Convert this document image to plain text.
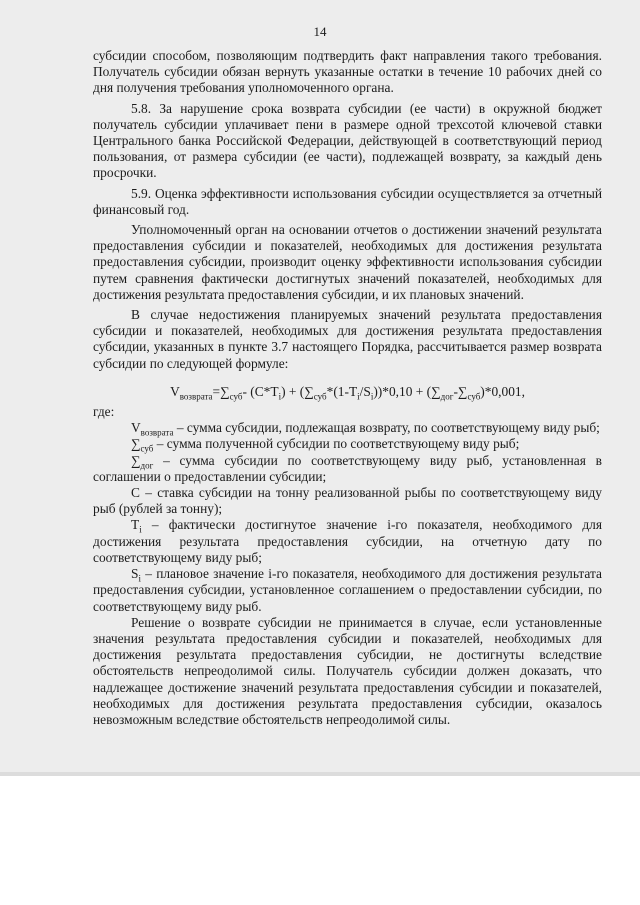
14

субсидии способом, позволяющим подтвердить факт направления такого требования. Получатель субсидии обязан вернуть указанные остатки в течение 10 рабочих дней со дня получения требования уполномоченного органа.

5.8. За нарушение срока возврата субсидии (ее части) в окружной бюджет получатель субсидии уплачивает пени в размере одной трехсотой ключевой ставки Центрального банка Российской Федерации, действующей в соответствующий период пользования, от размера субсидии (ее части), подлежащей возврату, за каждый день просрочки.

5.9. Оценка эффективности использования субсидии осуществляется за отчетный финансовый год.

Уполномоченный орган на основании отчетов о достижении значений результата предоставления субсидии и показателей, необходимых для достижения результата предоставления субсидии, производит оценку эффективности использования субсидии путем сравнения фактически достигнутых значений показателей, необходимых для достижения результата предоставления субсидии, и их плановых значений.

В случае недостижения планируемых значений результата предоставления субсидии и показателей, необходимых для достижения результата предоставления субсидии, указанных в пункте 3.7 настоящего Порядка, рассчитывается размер возврата субсидии по следующей формуле:

$V_{возврата}=\sum_{суб}-$ $(C*T_i) + (\sum_{суб}*(1-T_i/S_i))*0,10 + (\sum_{дог}-\sum_{суб})*0,001$,

где:

$V_{возврата}$ – сумма субсидии, подлежащая возврату, по соответствующему виду рыб;

$\sum_{суб}$ – сумма полученной субсидии по соответствующему виду рыб;

$\sum_{дог}$ – сумма субсидии по соответствующему виду рыб, установленная в соглашении о предоставлении субсидии;

C – ставка субсидии на тонну реализованной рыбы по соответствующему виду рыб (рублей за тонну);

$T_i$ – фактически достигнутое значение i-го показателя, необходимого для достижения результата предоставления субсидии, на отчетную дату по соответствующему виду рыб;

$S_i$ – плановое значение i-го показателя, необходимого для достижения результата предоставления субсидии, установленное соглашением о предоставлении субсидии, по соответствующему виду рыб.

Решение о возврате субсидии не принимается в случае, если установленные значения результата предоставления субсидии и показателей, необходимых для достижения результата предоставления субсидии, не достигнуты вследствие обстоятельств непреодолимой силы. Получатель субсидии должен доказать, что надлежащее достижение значений результата предоставления субсидии и показателей, необходимых для достижения результата предоставления субсидии, оказалось невозможным вследствие обстоятельств непреодолимой силы.
